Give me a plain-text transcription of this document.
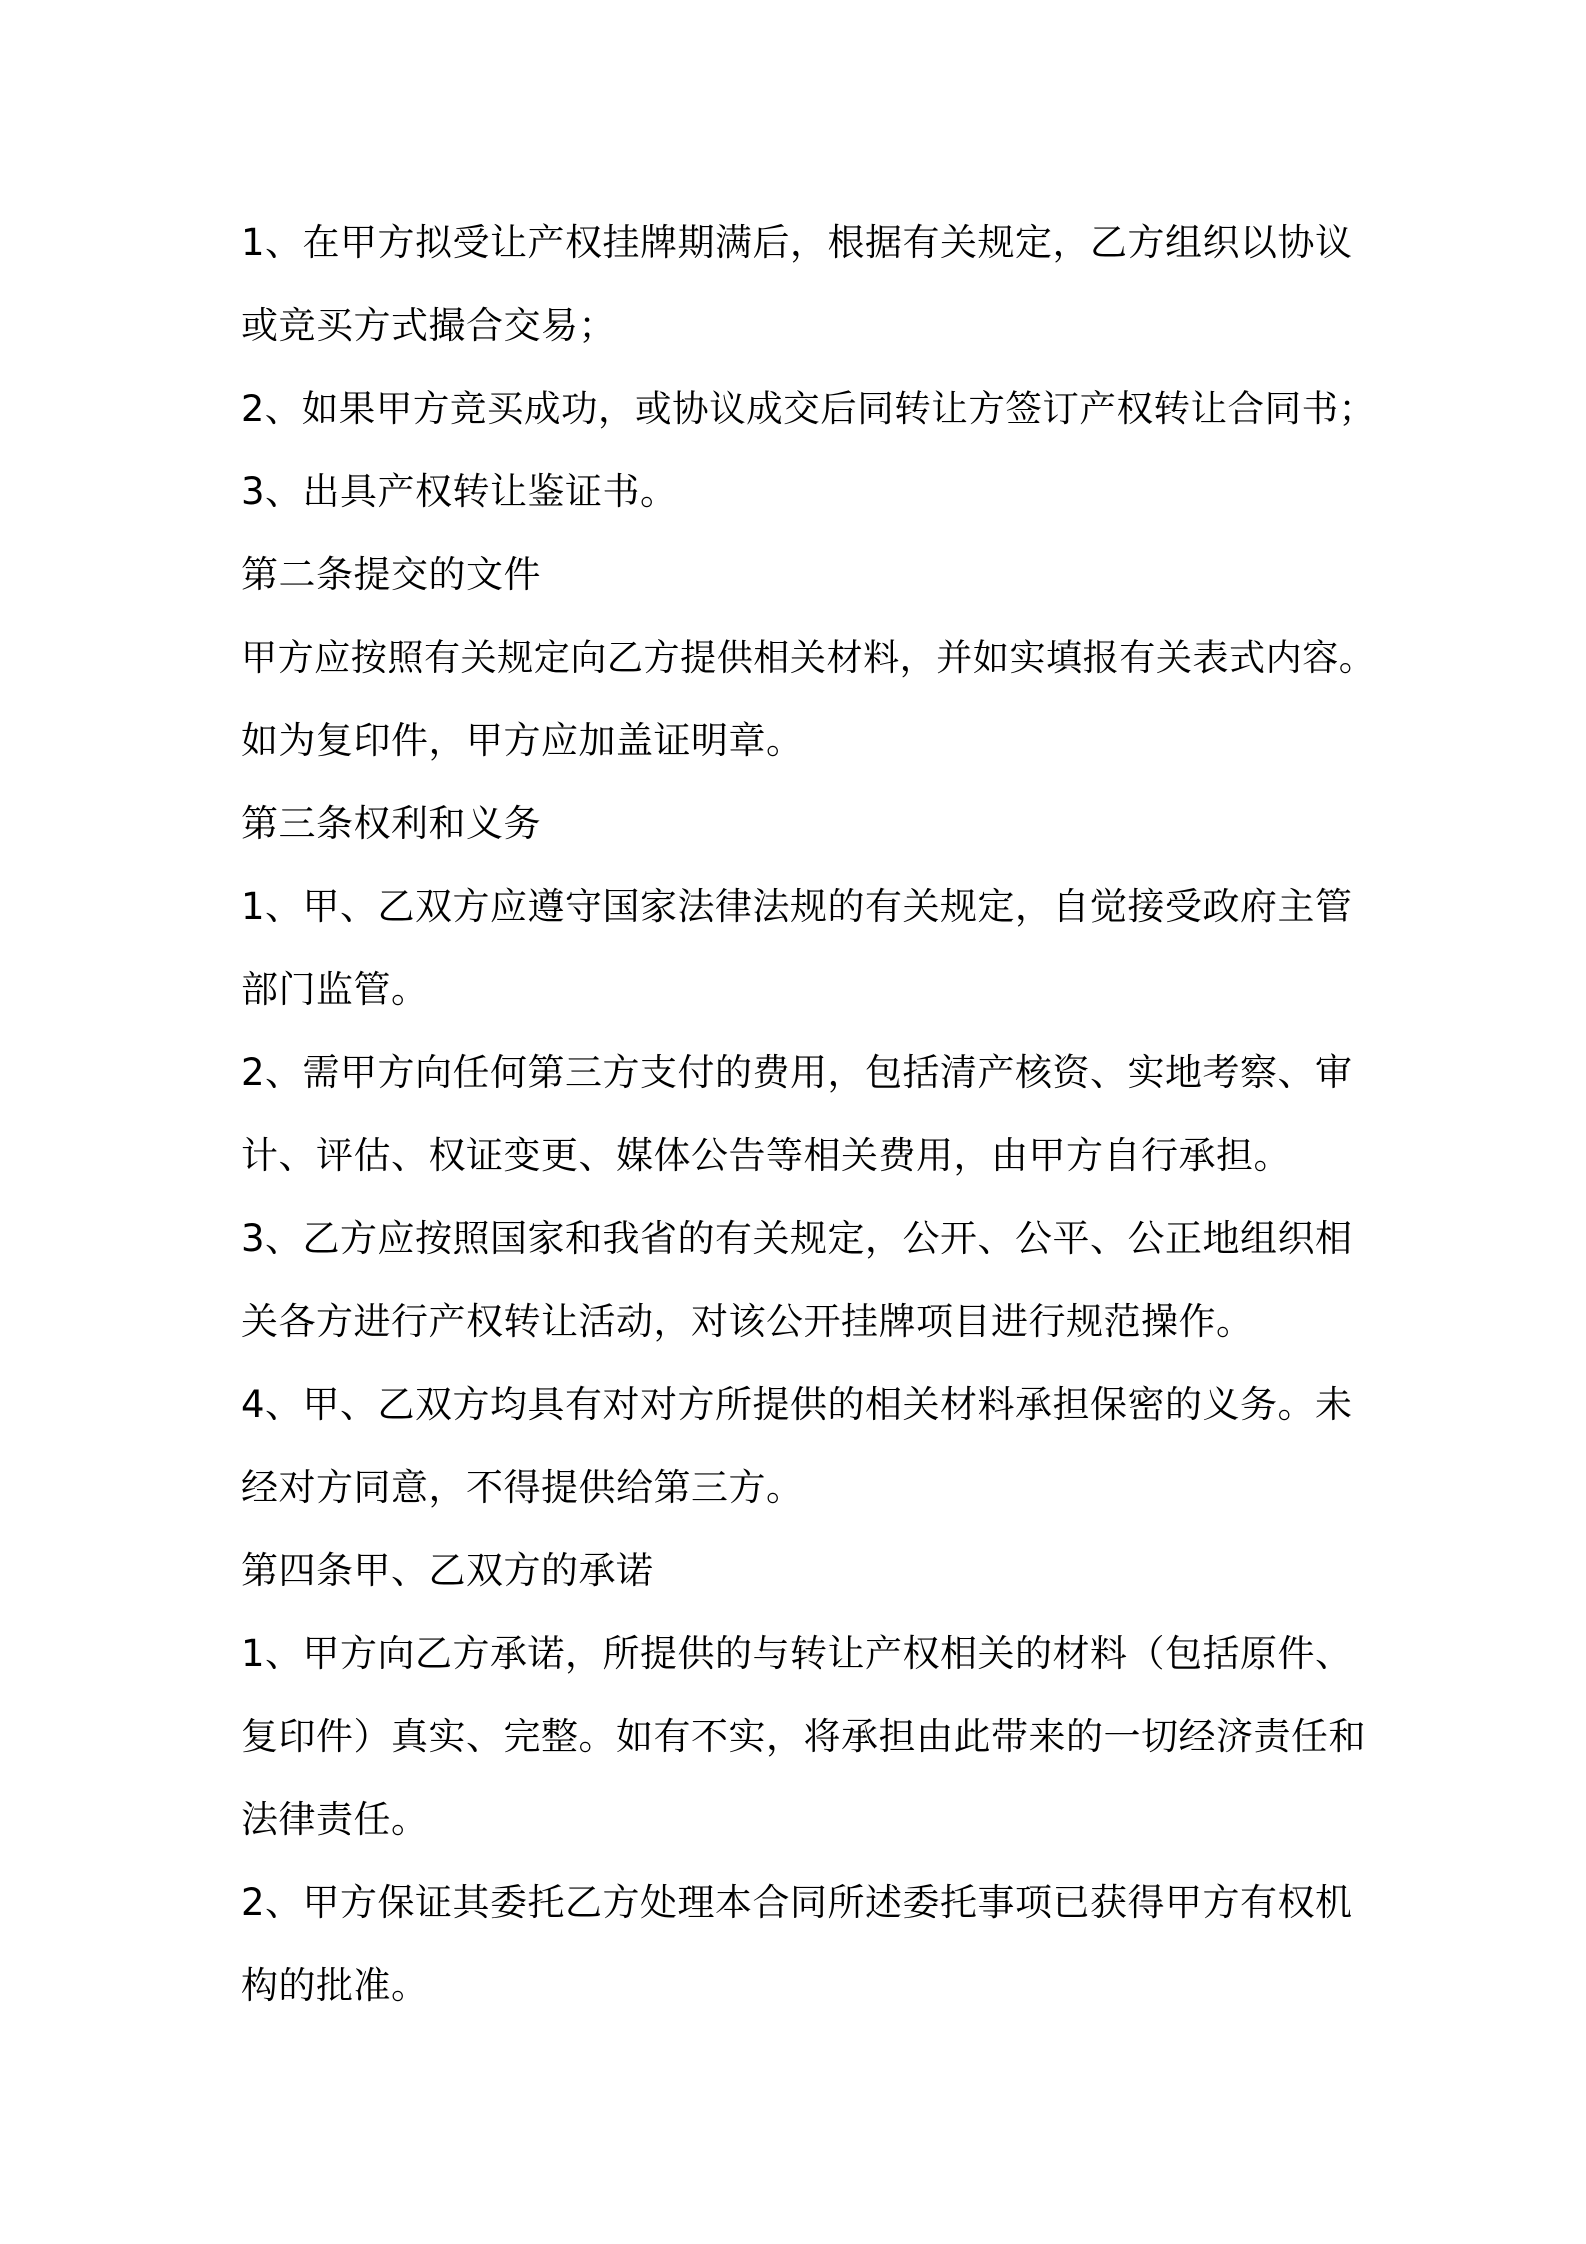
1、在甲方拟受让产权挂牌期满后，根据有关规定，乙方组织以协议
或竞买方式撮合交易；
2、如果甲方竞买成功，或协议成交后同转让方签订产权转让合同书；
3、出具产权转让鉴证书。
第二条提交的文件
甲方应按照有关规定向乙方提供相关材料，并如实填报有关表式内容。
如为复印件，甲方应加盖证明章。
第三条权利和义务
1、甲、乙双方应遵守国家法律法规的有关规定，自觉接受政府主管
部门监管。
2、需甲方向任何第三方支付的费用，包括清产核资、实地考察、审
计、评估、权证变更、媒体公告等相关费用，由甲方自行承担。
3、乙方应按照国家和我省的有关规定，公开、公平、公正地组织相
关各方进行产权转让活动，对该公开挂牌项目进行规范操作。
4、甲、乙双方均具有对对方所提供的相关材料承担保密的义务。未
经对方同意，不得提供给第三方。
第四条甲、乙双方的承诺
1、甲方向乙方承诺，所提供的与转让产权相关的材料（包括原件、
复印件）真实、完整。如有不实，将承担由此带来的一切经济责任和
法律责任。
2、甲方保证其委托乙方处理本合同所述委托事项已获得甲方有权机
构的批准。
